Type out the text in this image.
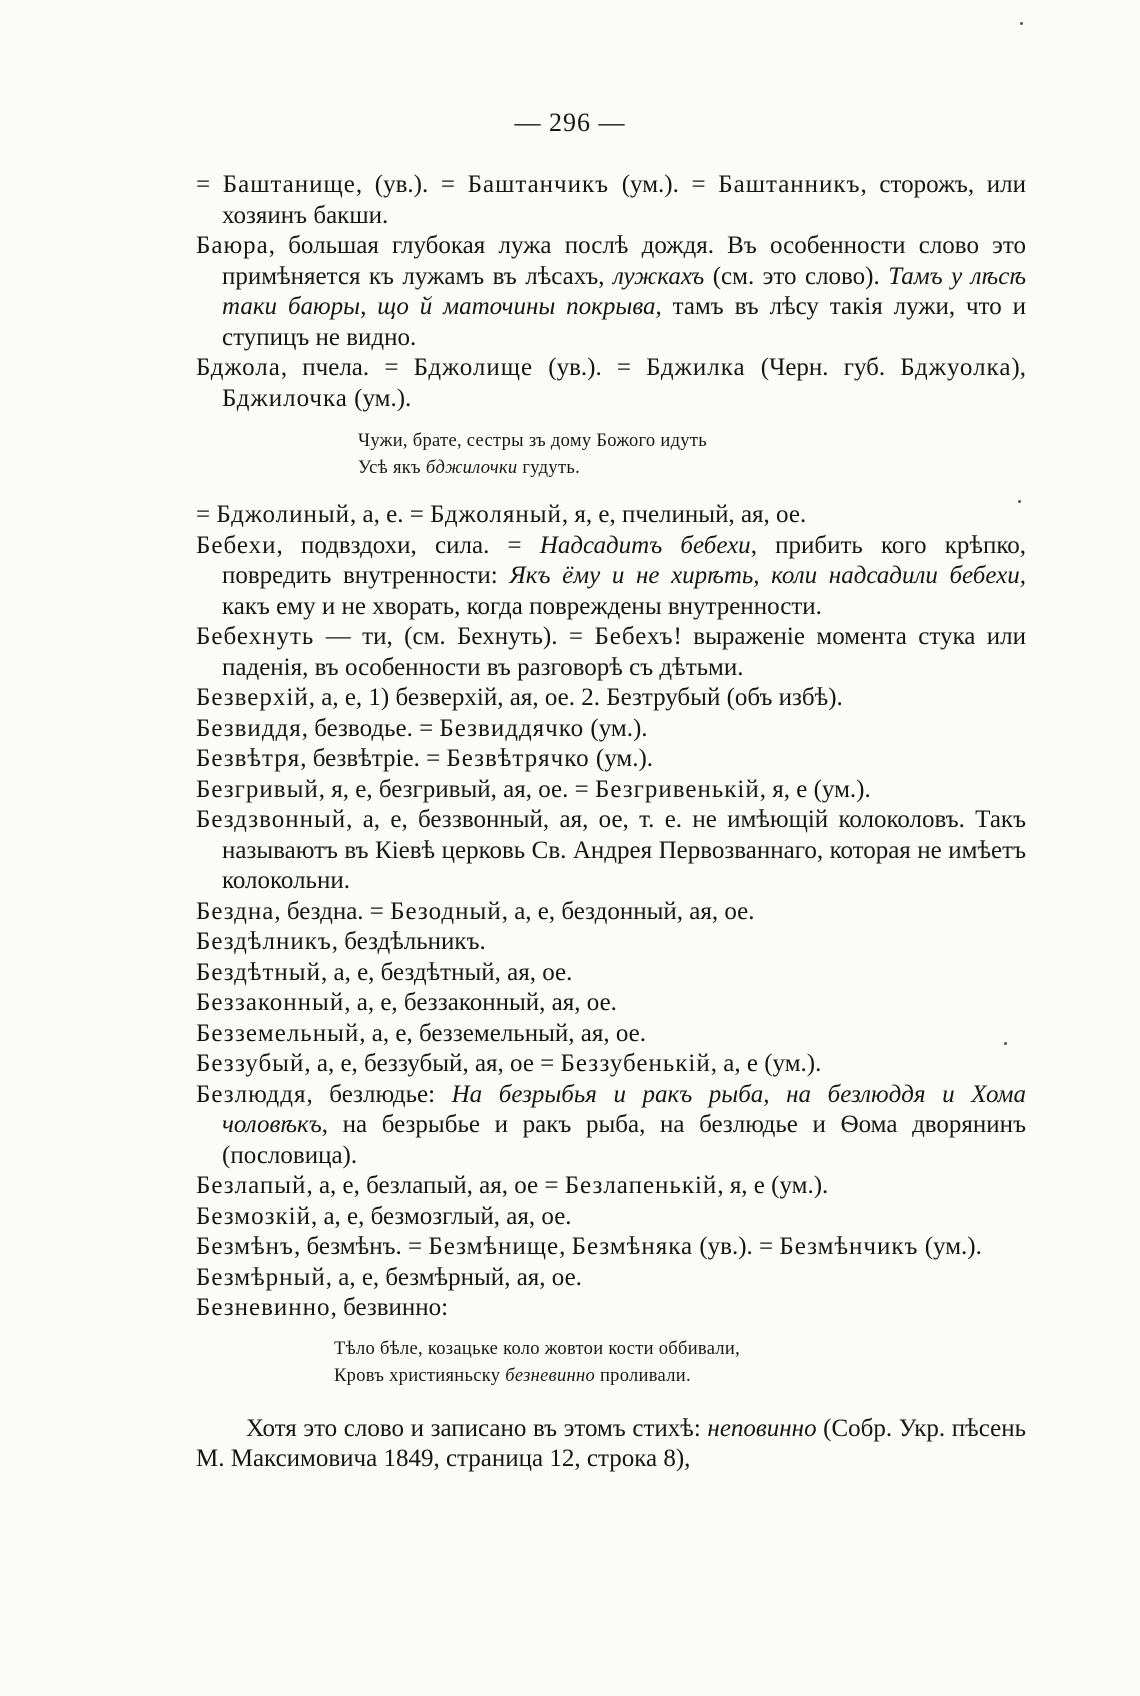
— 296 —

= Баштанище, (ув.). = Баштанчикъ (ум.). = Баштанникъ, сторожъ, или хозяинъ бакши.

Баюра, большая глубокая лужа послѣ дождя. Въ особенности слово это примѣняется къ лужамъ въ лѣсахъ, лужкахъ (см. это слово). Тамъ у лѣсѣ таки баюры, що й маточины покрыва, тамъ въ лѣсу такія лужи, что и ступицъ не видно.

Бджола, пчела. = Бджолище (ув.). = Бджилка (Черн. губ. Бджуолка), Бджилочка (ум.).

Чужи, брате, сестры зъ дому Божого идуть
Усѣ якъ бджилочки гудуть.

= Бджолиный, а, е. = Бджоляный, я, е, пчелиный, ая, ое.

Бебехи, подвздохи, сила. = Надсадитъ бебехи, прибить кого крѣпко, повредить внутренности: Якъ ёму и не хирѣть, коли надсадили бебехи, какъ ему и не хворать, когда повреждены внутренности.

Бебехнуть — ти, (см. Бехнуть). = Бебехъ! выраженіе момента стука или паденія, въ особенности въ разговорѣ съ дѣтьми.

Безверхій, а, е, 1) безверхій, ая, ое. 2. Безтрубый (объ избѣ).

Безвиддя, безводье. = Безвиддячко (ум.).

Безвѣтря, безвѣтріе. = Безвѣтрячко (ум.).

Безгривый, я, е, безгривый, ая, ое. = Безгривенькій, я, е (ум.).

Бездзвонный, а, е, беззвонный, ая, ое, т. е. не имѣющій колоколовъ. Такъ называютъ въ Кіевѣ церковь Св. Андрея Первозваннаго, которая не имѣетъ колокольни.

Бездна, бездна. = Безодный, а, е, бездонный, ая, ое.

Бездѣлникъ, бездѣльникъ.

Бездѣтный, а, е, бездѣтный, ая, ое.

Беззаконный, а, е, беззаконный, ая, ое.

Безземельный, а, е, безземельный, ая, ое.

Беззубый, а, е, беззубый, ая, ое = Беззубенькій, а, е (ум.).

Безлюддя, безлюдье: На безрыбья и ракъ рыба, на безлюддя и Хома чоловѣкъ, на безрыбье и ракъ рыба, на безлюдье и Ѳома дворянинъ (пословица).

Безлапый, а, е, безлапый, ая, ое = Безлапенькій, я, е (ум.).

Безмозкій, а, е, безмозглый, ая, ое.

Безмѣнъ, безмѣнъ. = Безмѣнище, Безмѣняка (ув.). = Безмѣнчикъ (ум.).

Безмѣрный, а, е, безмѣрный, ая, ое.

Безневинно, безвинно:

Тѣло бѣле, козацьке коло жовтои кости оббивали,
Кровъ християньску безневинно проливали.

Хотя это слово и записано въ этомъ стихѣ: неповинно (Собр. Укр. пѣсень М. Максимовича 1849, страница 12, строка 8),
